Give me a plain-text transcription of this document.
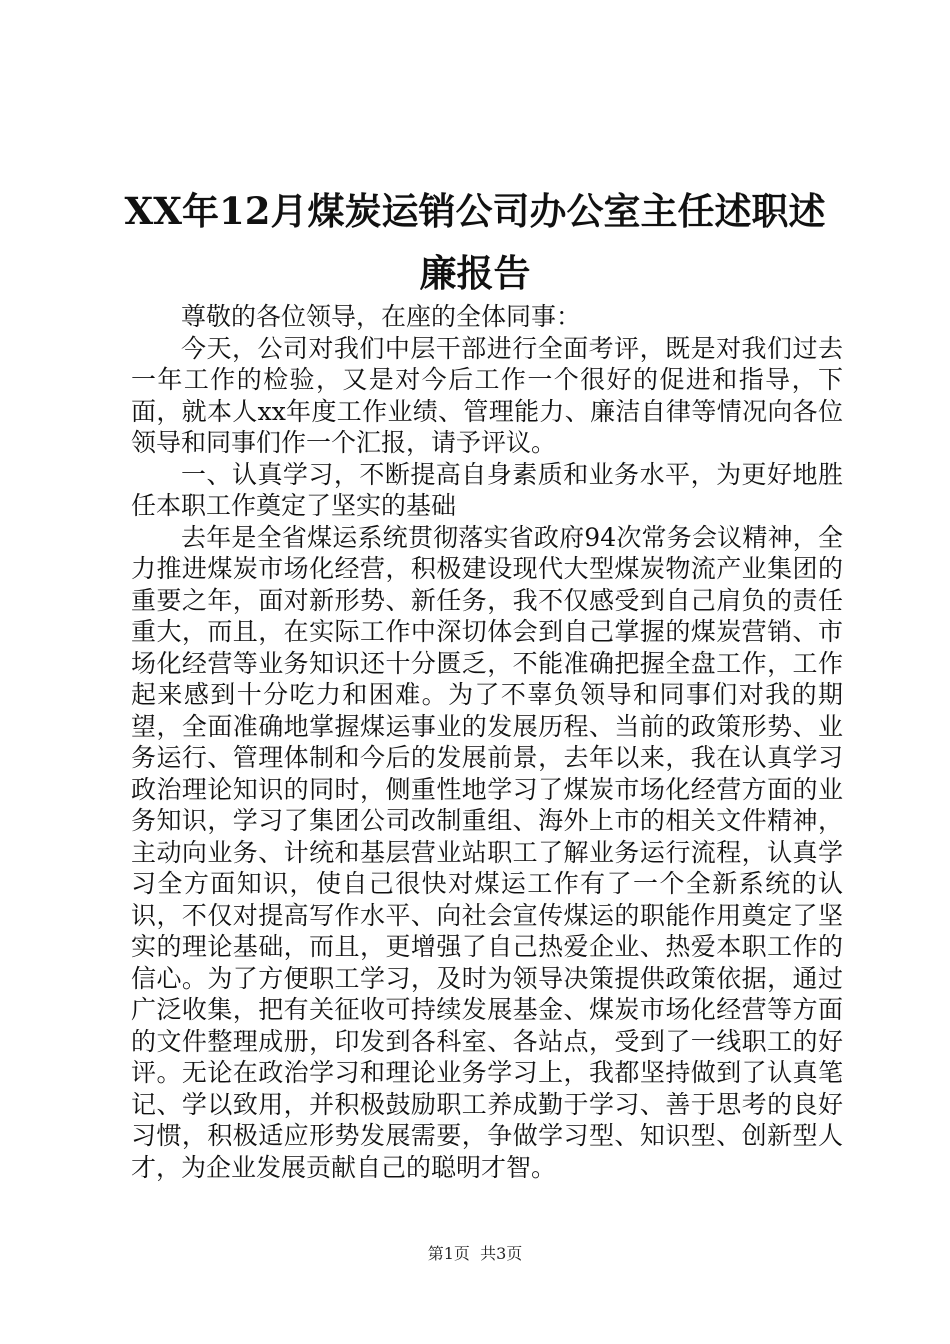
XX年12月煤炭运销公司办公室主任述职述廉报告

尊敬的各位领导，在座的全体同事：

今天，公司对我们中层干部进行全面考评，既是对我们过去一年工作的检验，又是对今后工作一个很好的促进和指导，下面，就本人xx年度工作业绩、管理能力、廉洁自律等情况向各位领导和同事们作一个汇报，请予评议。

一、认真学习，不断提高自身素质和业务水平，为更好地胜任本职工作奠定了坚实的基础

去年是全省煤运系统贯彻落实省政府94次常务会议精神，全力推进煤炭市场化经营，积极建设现代大型煤炭物流产业集团的重要之年，面对新形势、新任务，我不仅感受到自己肩负的责任重大，而且，在实际工作中深切体会到自己掌握的煤炭营销、市场化经营等业务知识还十分匮乏，不能准确把握全盘工作，工作起来感到十分吃力和困难。为了不辜负领导和同事们对我的期望，全面准确地掌握煤运事业的发展历程、当前的政策形势、业务运行、管理体制和今后的发展前景，去年以来，我在认真学习政治理论知识的同时，侧重性地学习了煤炭市场化经营方面的业务知识，学习了集团公司改制重组、海外上市的相关文件精神，主动向业务、计统和基层营业站职工了解业务运行流程，认真学习全方面知识，使自己很快对煤运工作有了一个全新系统的认识，不仅对提高写作水平、向社会宣传煤运的职能作用奠定了坚实的理论基础，而且，更增强了自己热爱企业、热爱本职工作的信心。为了方便职工学习，及时为领导决策提供政策依据，通过广泛收集，把有关征收可持续发展基金、煤炭市场化经营等方面的文件整理成册，印发到各科室、各站点，受到了一线职工的好评。无论在政治学习和理论业务学习上，我都坚持做到了认真笔记、学以致用，并积极鼓励职工养成勤于学习、善于思考的良好习惯，积极适应形势发展需要，争做学习型、知识型、创新型人才，为企业发展贡献自己的聪明才智。

第1页  共3页
